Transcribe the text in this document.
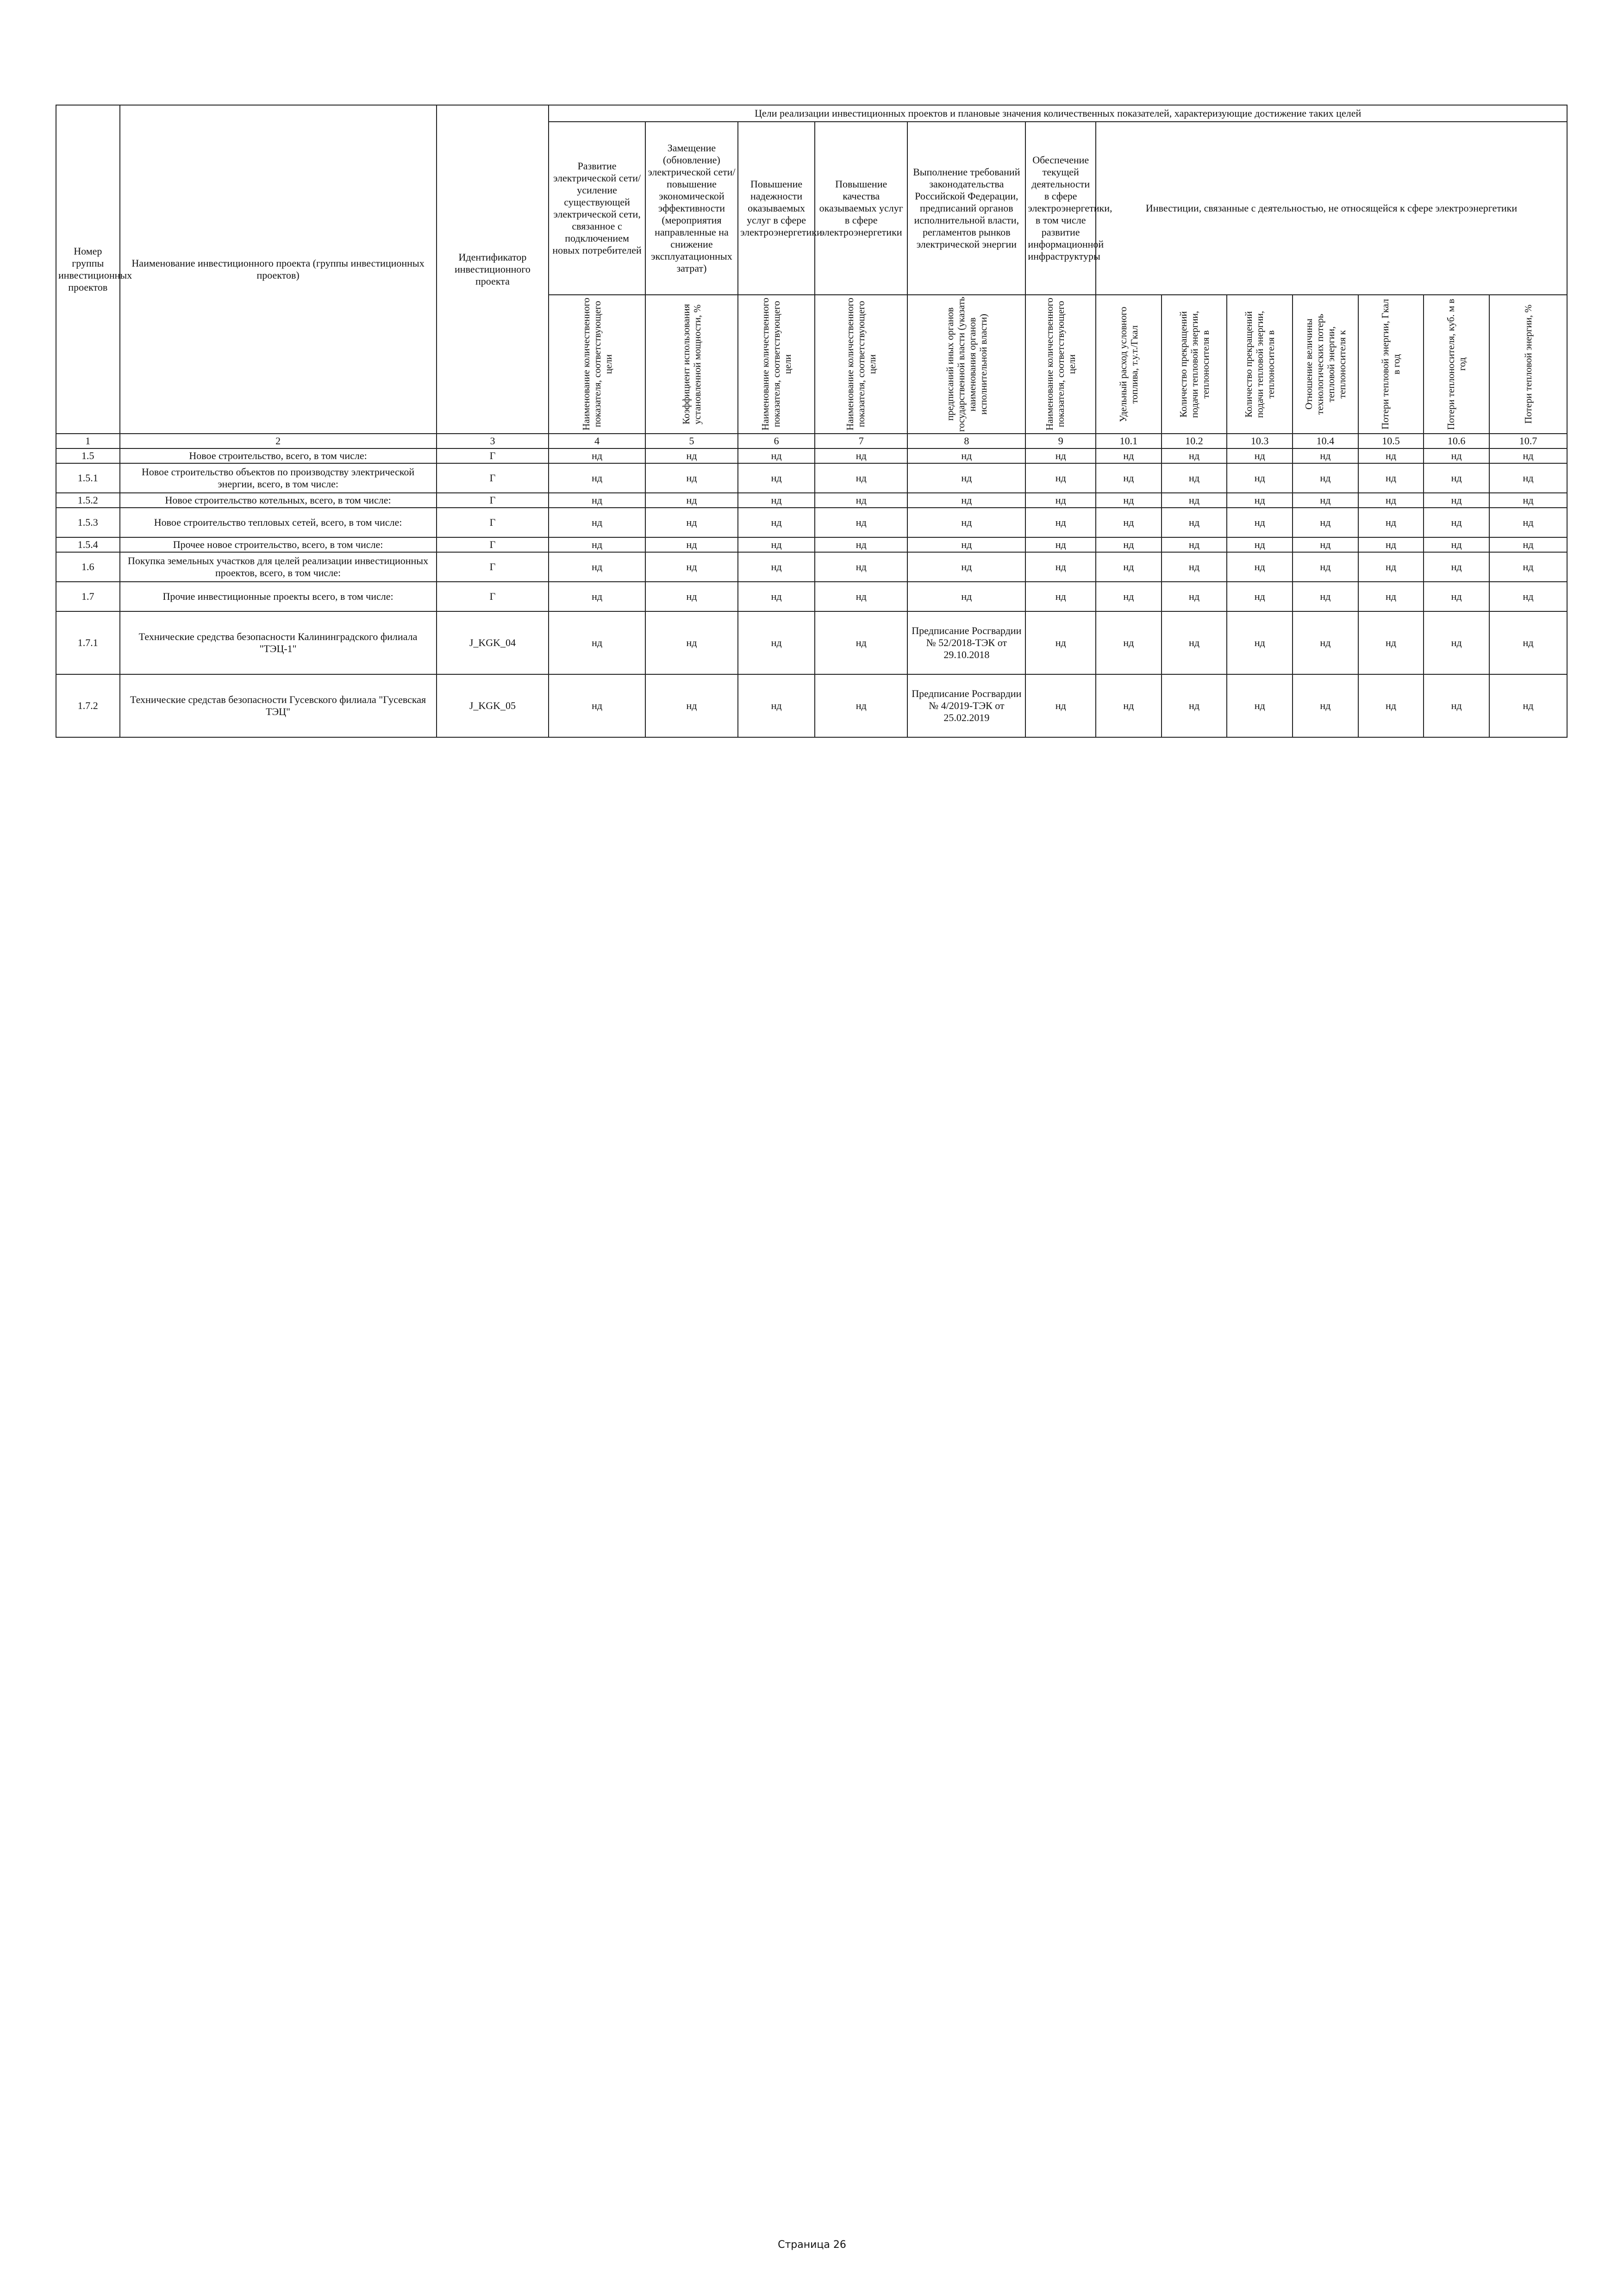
Номер группы инвестиционных проектов	Наименование инвестиционного проекта (группы инвестиционных проектов)	Идентификатор инвестиционного проекта	Цели реализации инвестиционных проектов и плановые значения количественных показателей, характеризующие достижение таких целей												

			Развитие электрической сети/усиление существующей электрической сети, связанное с подключением новых потребителей	Замещение (обновление) электрической сети/повышение экономической эффективности (мероприятия направленные на снижение эксплуатационных затрат)	Повышение надежности оказываемых услуг в сфере электроэнергетики	Повышение качества оказываемых услуг в сфере электроэнергетики	Выполнение требований законодательства Российской Федерации, предписаний органов исполнительной власти, регламентов рынков электрической энергии	Обеспечение текущей деятельности в сфере электроэнергетики, в том числе развитие информационной инфраструктуры	Инвестиции, связанные с деятельностью, не относящейся к сфере электроэнергетики						

			Наименование количественного показателя, соответствующего цели	Коэффициент использования установленной мощности, %	Наименование количественного показателя, соответствующего цели	Наименование количественного показателя, соответствующего цели	предписаний иных органов государственной власти (указать наименования органов исполнительной власти)	Наименование количественного показателя, соответствующего цели	Удельный расход условного топлива, т.у.т./Гкал	Количество прекращений подачи тепловой энергии, теплоносителя в	Количество прекращений подачи тепловой энергии, теплоносителя в	Отношение величины технологических потерь тепловой энергии, теплоносителя к	Потери тепловой энергии, Гкал в год	Потери теплоносителя, куб. м в год	Потери тепловой энергии, %

1	2	3	4	5	6	7	8	9	10.1	10.2	10.3	10.4	10.5	10.6	10.7
1.5	Новое строительство, всего, в том числе:	Г	нд	нд	нд	нд	нд	нд	нд	нд	нд	нд	нд	нд	нд
1.5.1	Новое строительство объектов по производству электрической энергии, всего, в том числе:	Г	нд	нд	нд	нд	нд	нд	нд	нд	нд	нд	нд	нд	нд
1.5.2	Новое строительство котельных, всего, в том числе:	Г	нд	нд	нд	нд	нд	нд	нд	нд	нд	нд	нд	нд	нд
1.5.3	Новое строительство тепловых сетей, всего, в том числе:	Г	нд	нд	нд	нд	нд	нд	нд	нд	нд	нд	нд	нд	нд
1.5.4	Прочее новое строительство, всего, в том числе:	Г	нд	нд	нд	нд	нд	нд	нд	нд	нд	нд	нд	нд	нд
1.6	Покупка земельных участков для целей реализации инвестиционных проектов, всего, в том числе:	Г	нд	нд	нд	нд	нд	нд	нд	нд	нд	нд	нд	нд	нд
1.7	Прочие инвестиционные проекты всего, в том числе:	Г	нд	нд	нд	нд	нд	нд	нд	нд	нд	нд	нд	нд	нд
1.7.1	Технические средства безопасности Калининградского филиала "ТЭЦ-1"	J_KGK_04	нд	нд	нд	нд	Предписание Росгвардии № 52/2018-ТЭК от 29.10.2018	нд	нд	нд	нд	нд	нд	нд	нд
1.7.2	Технические средстав безопасности Гусевского филиала "Гусевская ТЭЦ"	J_KGK_05	нд	нд	нд	нд	Предписание Росгвардии № 4/2019-ТЭК от 25.02.2019	нд	нд	нд	нд	нд	нд	нд	нд
Страница 26
